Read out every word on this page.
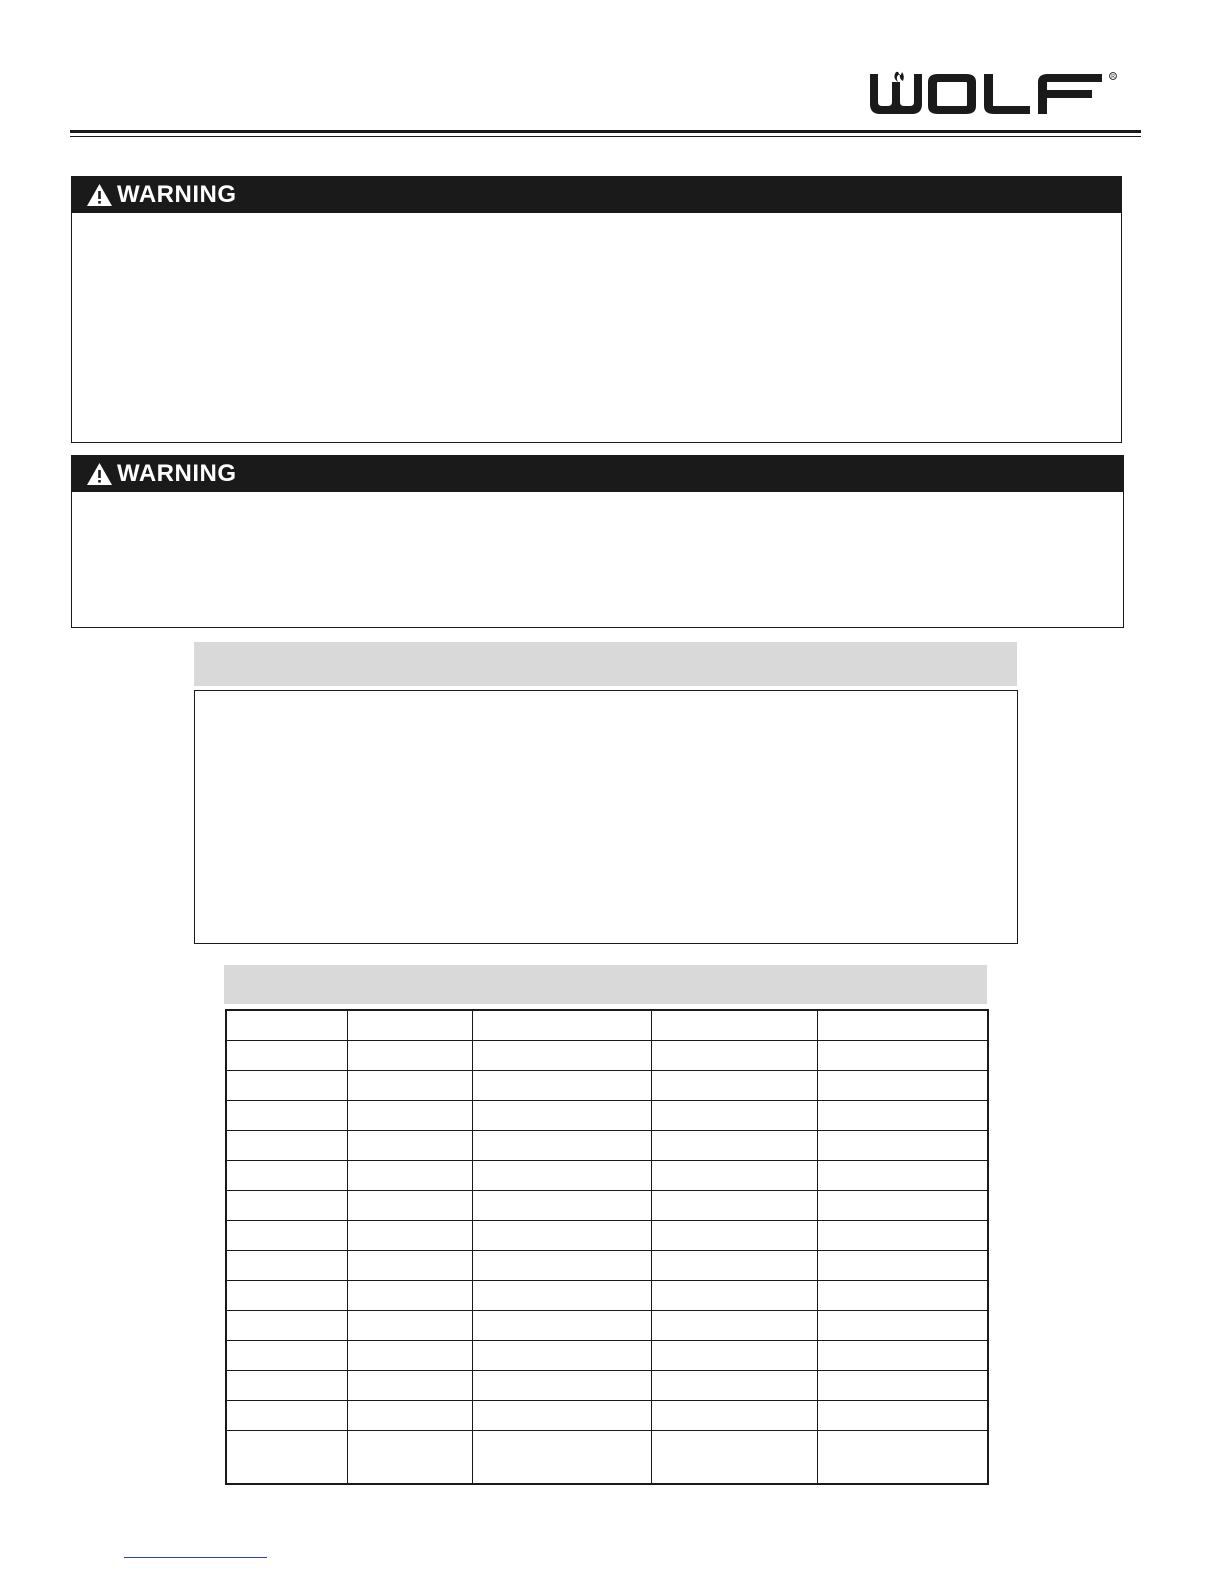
R
WARNING
WARNING
